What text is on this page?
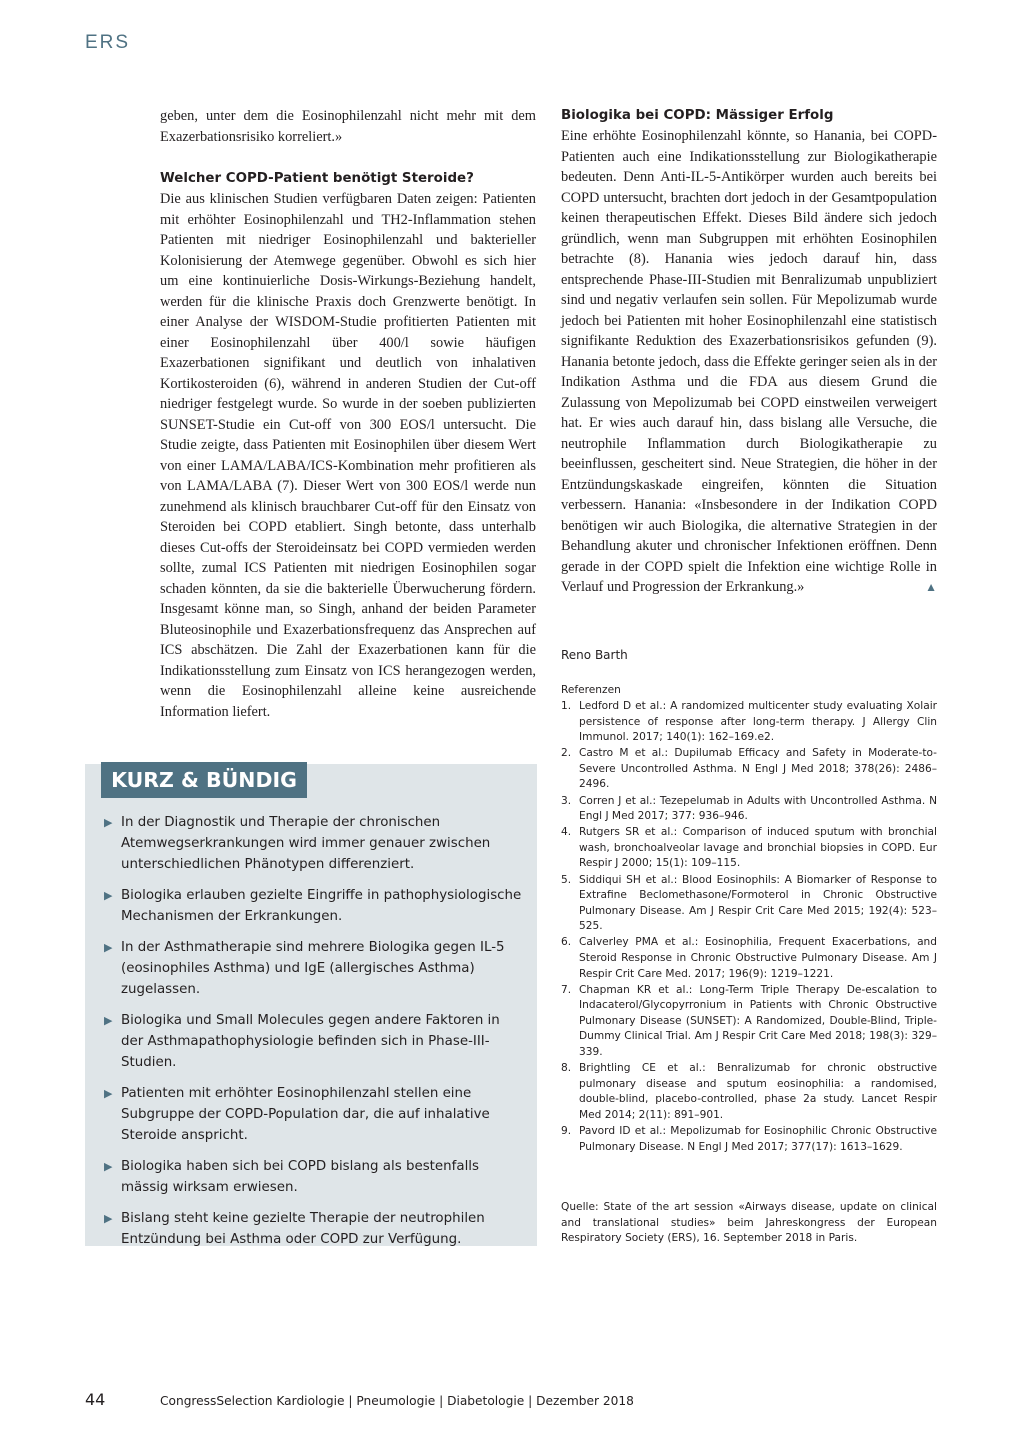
ERS

geben, unter dem die Eosinophilenzahl nicht mehr mit dem Exazerbationsrisiko korreliert.»

Welcher COPD-Patient benötigt Steroide?

Die aus klinischen Studien verfügbaren Daten zeigen: Patienten mit erhöhter Eosinophilenzahl und TH2-Inflammation stehen Patienten mit niedriger Eosinophilenzahl und bakterieller Kolonisierung der Atemwege gegenüber. Obwohl es sich hier um eine kontinuierliche Dosis-Wirkungs-Beziehung handelt, werden für die klinische Praxis doch Grenzwerte benötigt. In einer Analyse der WISDOM-Studie profitierten Patienten mit einer Eosinophilenzahl über 400/l sowie häufigen Exazerbationen signifikant und deutlich von inhalativen Kortikosteroiden (6), während in anderen Studien der Cut-off niedriger festgelegt wurde. So wurde in der soeben publizierten SUNSET-Studie ein Cut-off von 300 EOS/l untersucht. Die Studie zeigte, dass Patienten mit Eosinophilen über diesem Wert von einer LAMA/LABA/ICS-Kombination mehr profitieren als von LAMA/LABA (7). Dieser Wert von 300 EOS/l werde nun zunehmend als klinisch brauchbarer Cut-off für den Einsatz von Steroiden bei COPD etabliert. Singh betonte, dass unterhalb dieses Cut-offs der Steroideinsatz bei COPD vermieden werden sollte, zumal ICS Patienten mit niedrigen Eosinophilen sogar schaden könnten, da sie die bakterielle Überwucherung fördern. Insgesamt könne man, so Singh, anhand der beiden Parameter Bluteosinophile und Exazerbationsfrequenz das Ansprechen auf ICS abschätzen. Die Zahl der Exazerbationen kann für die Indikationsstellung zum Einsatz von ICS herangezogen werden, wenn die Eosinophilenzahl alleine keine ausreichende Information liefert.

KURZ & BÜNDIG
▶ In der Diagnostik und Therapie der chronischen Atemwegserkrankungen wird immer genauer zwischen unterschiedlichen Phänotypen differenziert.
▶ Biologika erlauben gezielte Eingriffe in pathophysiologische Mechanismen der Erkrankungen.
▶ In der Asthmatherapie sind mehrere Biologika gegen IL-5 (eosinophiles Asthma) und IgE (allergisches Asthma) zugelassen.
▶ Biologika und Small Molecules gegen andere Faktoren in der Asthmapathophysiologie befinden sich in Phase-III-Studien.
▶ Patienten mit erhöhter Eosinophilenzahl stellen eine Subgruppe der COPD-Population dar, die auf inhalative Steroide anspricht.
▶ Biologika haben sich bei COPD bislang als bestenfalls mässig wirksam erwiesen.
▶ Bislang steht keine gezielte Therapie der neutrophilen Entzündung bei Asthma oder COPD zur Verfügung.
Biologika bei COPD: Mässiger Erfolg

Eine erhöhte Eosinophilenzahl könnte, so Hanania, bei COPD-Patienten auch eine Indikationsstellung zur Biologikatherapie bedeuten. Denn Anti-IL-5-Antikörper wurden auch bereits bei COPD untersucht, brachten dort jedoch in der Gesamtpopulation keinen therapeutischen Effekt. Dieses Bild ändere sich jedoch gründlich, wenn man Subgruppen mit erhöhten Eosinophilen betrachte (8). Hanania wies jedoch darauf hin, dass entsprechende Phase-III-Studien mit Benralizumab unpubliziert sind und negativ verlaufen sein sollen. Für Mepolizumab wurde jedoch bei Patienten mit hoher Eosinophilenzahl eine statistisch signifikante Reduktion des Exazerbationsrisikos gefunden (9). Hanania betonte jedoch, dass die Effekte geringer seien als in der Indikation Asthma und die FDA aus diesem Grund die Zulassung von Mepolizumab bei COPD einstweilen verweigert hat. Er wies auch darauf hin, dass bislang alle Versuche, die neutrophile Inflammation durch Biologikatherapie zu beeinflussen, gescheitert sind. Neue Strategien, die höher in der Entzündungskaskade eingreifen, könnten die Situation verbessern. Hanania: «Insbesondere in der Indikation COPD benötigen wir auch Biologika, die alternative Strategien in der Behandlung akuter und chronischer Infektionen eröffnen. Denn gerade in der COPD spielt die Infektion eine wichtige Rolle in Verlauf und Progression der Erkrankung.»	▲

Reno Barth
Referenzen
1. Ledford D et al.: A randomized multicenter study evaluating Xolair persistence of response after long-term therapy. J Allergy Clin Immunol. 2017; 140(1): 162–169.e2.
2. Castro M et al.: Dupilumab Efficacy and Safety in Moderate-to-Severe Uncontrolled Asthma. N Engl J Med 2018; 378(26): 2486–2496.
3. Corren J et al.: Tezepelumab in Adults with Uncontrolled Asthma. N Engl J Med 2017; 377: 936–946.
4. Rutgers SR et al.: Comparison of induced sputum with bronchial wash, bronchoalveolar lavage and bronchial biopsies in COPD. Eur Respir J 2000; 15(1): 109–115.
5. Siddiqui SH et al.: Blood Eosinophils: A Biomarker of Response to Extrafine Beclomethasone/Formoterol in Chronic Obstructive Pulmonary Disease. Am J Respir Crit Care Med 2015; 192(4): 523–525.
6. Calverley PMA et al.: Eosinophilia, Frequent Exacerbations, and Steroid Response in Chronic Obstructive Pulmonary Disease. Am J Respir Crit Care Med. 2017; 196(9): 1219–1221.
7. Chapman KR et al.: Long-Term Triple Therapy De-escalation to Indacaterol/Glycopyrronium in Patients with Chronic Obstructive Pulmonary Disease (SUNSET): A Randomized, Double-Blind, Triple-Dummy Clinical Trial. Am J Respir Crit Care Med 2018; 198(3): 329–339.
8. Brightling CE et al.: Benralizumab for chronic obstructive pulmonary disease and sputum eosinophilia: a randomised, double-blind, placebo-controlled, phase 2a study. Lancet Respir Med 2014; 2(11): 891–901.
9. Pavord ID et al.: Mepolizumab for Eosinophilic Chronic Obstructive Pulmonary Disease. N Engl J Med 2017; 377(17): 1613–1629.
Quelle: State of the art session «Airways disease, update on clinical and translational studies» beim Jahreskongress der European Respiratory Society (ERS), 16. September 2018 in Paris.
44	CongressSelection Kardiologie | Pneumologie | Diabetologie | Dezember 2018
